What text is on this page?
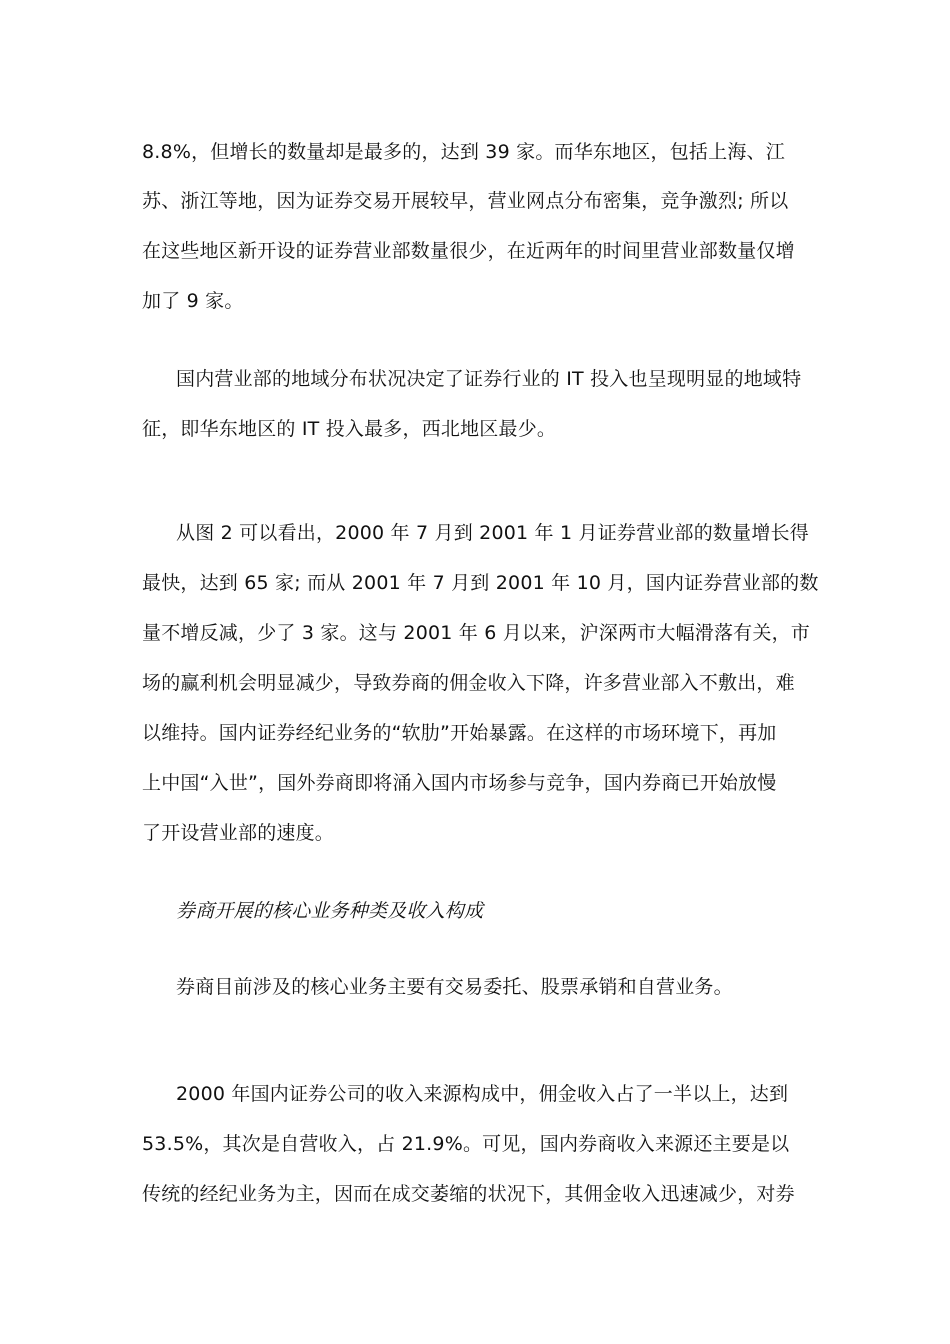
8.8%，但增长的数量却是最多的，达到 39 家。而华东地区，包括上海、江
苏、浙江等地，因为证券交易开展较早，营业网点分布密集，竞争激烈; 所以
在这些地区新开设的证券营业部数量很少，在近两年的时间里营业部数量仅增
加了 9 家。
国内营业部的地域分布状况决定了证券行业的 IT 投入也呈现明显的地域特
征，即华东地区的 IT 投入最多，西北地区最少。
从图 2 可以看出，2000 年 7 月到 2001 年 1 月证券营业部的数量增长得
最快，达到 65 家; 而从 2001 年 7 月到 2001 年 10 月，国内证券营业部的数
量不增反减，少了 3 家。这与 2001 年 6 月以来，沪深两市大幅滑落有关，市
场的赢利机会明显减少，导致券商的佣金收入下降，许多营业部入不敷出，难
以维持。国内证券经纪业务的“软肋”开始暴露。在这样的市场环境下，再加
上中国“入世”，国外券商即将涌入国内市场参与竞争，国内券商已开始放慢
了开设营业部的速度。
券商开展的核心业务种类及收入构成
券商目前涉及的核心业务主要有交易委托、股票承销和自营业务。
2000 年国内证券公司的收入来源构成中，佣金收入占了一半以上，达到
53.5%，其次是自营收入，占 21.9%。可见，国内券商收入来源还主要是以
传统的经纪业务为主，因而在成交萎缩的状况下，其佣金收入迅速减少，对券
